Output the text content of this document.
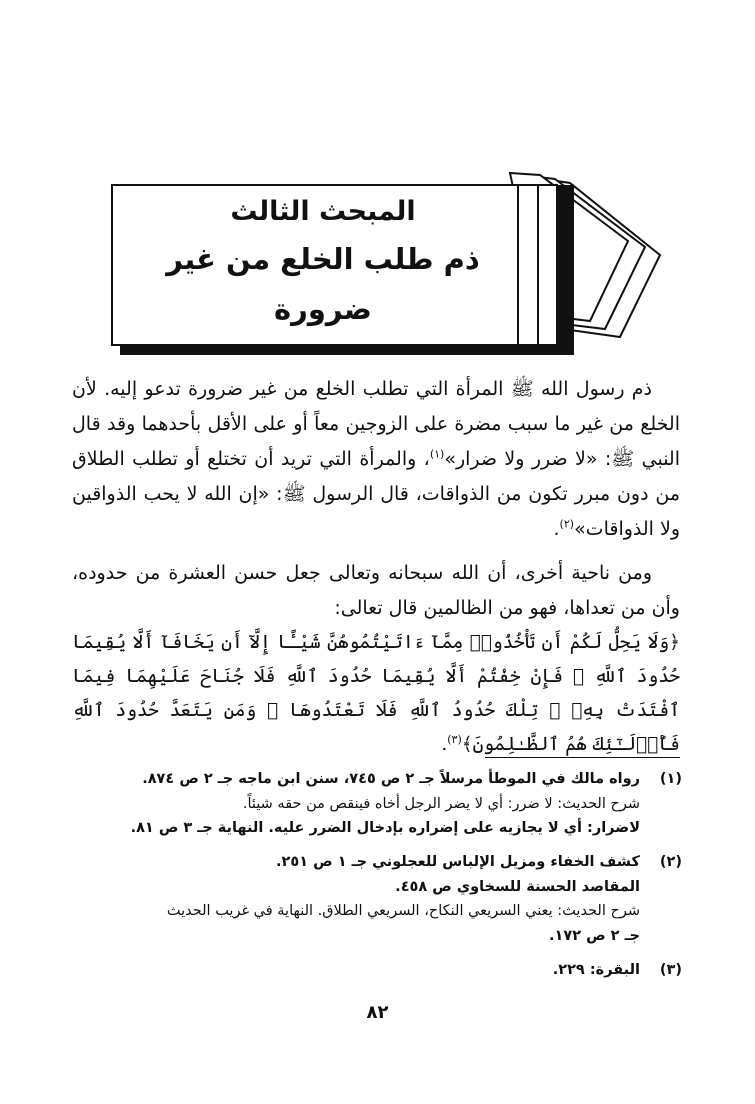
المبحث الثالث
ذم طلب الخلع من غير ضرورة

ذم رسول الله ﷺ المرأة التي تطلب الخلع من غير ضرورة تدعو إليه. لأن الخلع من غير ما سبب مضرة على الزوجين معاً أو على الأقل بأحدهما وقد قال النبي ﷺ: «لا ضرر ولا ضرار»$^{(١)}$، والمرأة التي تريد أن تختلع أو تطلب الطلاق من دون مبرر تكون من الذواقات، قال الرسول ﷺ: «إن الله لا يحب الذواقين ولا الذواقات»$^{(٢)}$.

ومن ناحية أخرى، أن الله سبحانه وتعالى جعل حسن العشرة من حدوده، وأن من تعداها، فهو من الظالمين قال تعالى:

﴿وَلَا يَحِلُّ لَكُمْ أَن تَأْخُذُوا۟ مِمَّآ ءَاتَيْتُمُوهُنَّ شَيْـًٔا إِلَّآ أَن يَخَافَآ أَلَّا يُقِيمَا حُدُودَ ٱللَّهِ ۖ فَإِنْ خِفْتُمْ أَلَّا يُقِيمَا حُدُودَ ٱللَّهِ فَلَا جُنَاحَ عَلَيْهِمَا فِيمَا ٱفْتَدَتْ بِهِۦ ۗ تِلْكَ حُدُودُ ٱللَّهِ فَلَا تَعْتَدُوهَا ۚ وَمَن يَتَعَدَّ حُدُودَ ٱللَّهِ فَأُو۟لَـٰٓئِكَ هُمُ ٱلظَّـٰلِمُونَ﴾$^{(٣)}$.

(١)
رواه مالك في الموطأ مرسلاً جـ ٢ ص ٧٤٥، سنن ابن ماجه جـ ٢ ص ٨٧٤.
شرح الحديث: لا ضرر: أي لا يضر الرجل أخاه فينقص من حقه شيئاً.
لاضرار: أي لا يجازيه على إضراره بإدخال الضرر عليه. النهاية جـ ٣ ص ٨١.
(٢)
كشف الخفاء ومزيل الإلباس للعجلوني جـ ١ ص ٢٥١.
المقاصد الحسنة للسخاوي ص ٤٥٨.
شرح الحديث: يعني السريعي النكاح، السريعي الطلاق. النهاية في غريب الحديث
جـ ٢ ص ١٧٢.
(٣)
البقرة: ٢٢٩.
٨٢
